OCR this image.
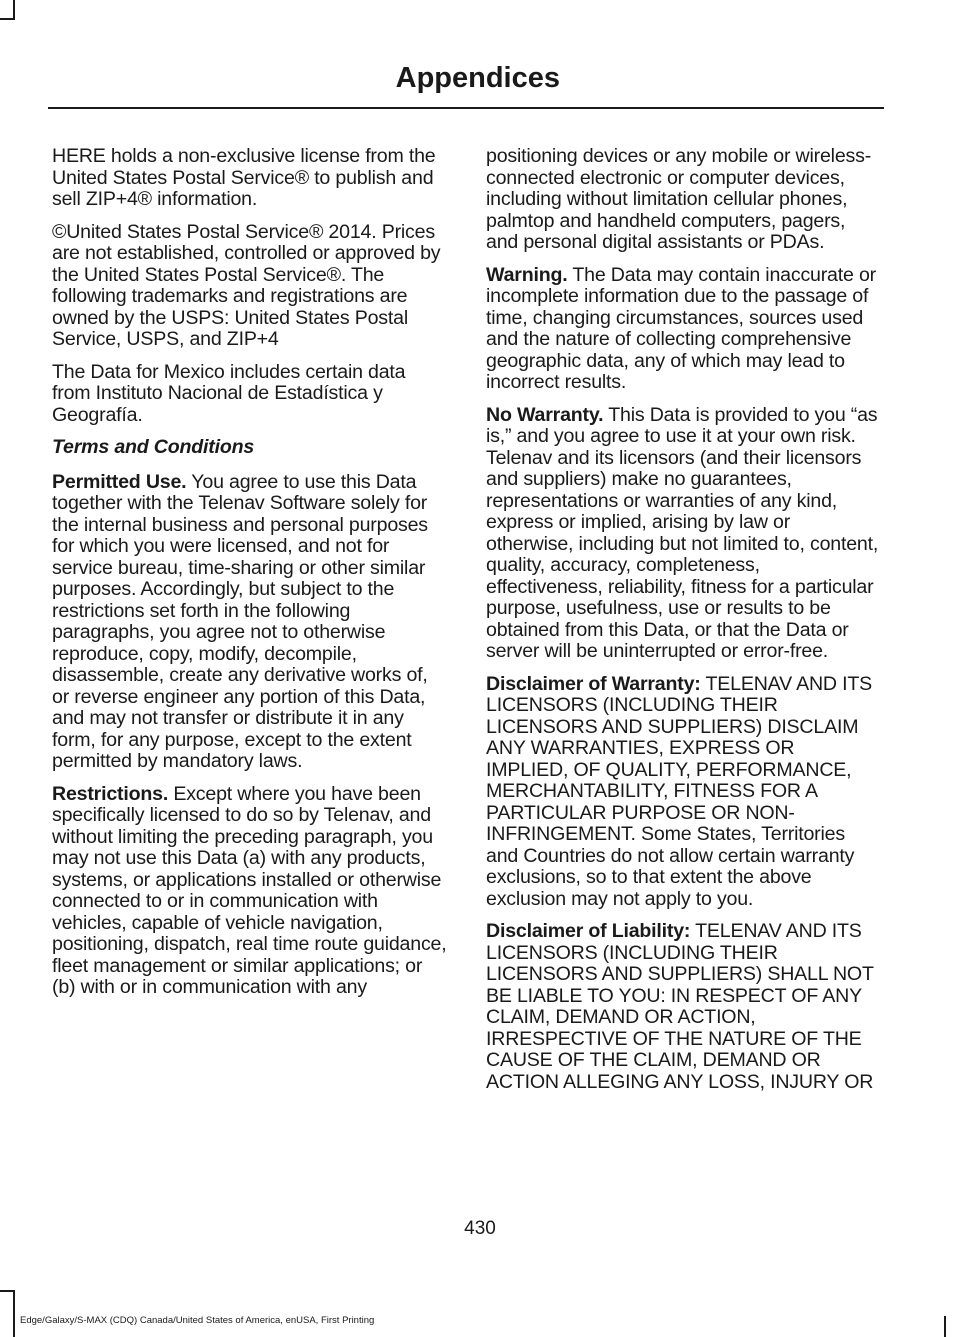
Appendices

HERE holds a non-exclusive license from the United States Postal Service® to publish and sell ZIP+4® information.

©United States Postal Service® 2014. Prices are not established, controlled or approved by the United States Postal Service®. The following trademarks and registrations are owned by the USPS: United States Postal Service, USPS, and ZIP+4

The Data for Mexico includes certain data from Instituto Nacional de Estadística y Geografía.

Terms and Conditions

Permitted Use. You agree to use this Data together with the Telenav Software solely for the internal business and personal purposes for which you were licensed, and not for service bureau, time-sharing or other similar purposes. Accordingly, but subject to the restrictions set forth in the following paragraphs, you agree not to otherwise reproduce, copy, modify, decompile, disassemble, create any derivative works of, or reverse engineer any portion of this Data, and may not transfer or distribute it in any form, for any purpose, except to the extent permitted by mandatory laws.

Restrictions. Except where you have been specifically licensed to do so by Telenav, and without limiting the preceding paragraph, you may not use this Data (a) with any products, systems, or applications installed or otherwise connected to or in communication with vehicles, capable of vehicle navigation, positioning, dispatch, real time route guidance, fleet management or similar applications; or (b) with or in communication with any

positioning devices or any mobile or wireless-connected electronic or computer devices, including without limitation cellular phones, palmtop and handheld computers, pagers, and personal digital assistants or PDAs.

Warning. The Data may contain inaccurate or incomplete information due to the passage of time, changing circumstances, sources used and the nature of collecting comprehensive geographic data, any of which may lead to incorrect results.

No Warranty. This Data is provided to you “as is,” and you agree to use it at your own risk. Telenav and its licensors (and their licensors and suppliers) make no guarantees, representations or warranties of any kind, express or implied, arising by law or otherwise, including but not limited to, content, quality, accuracy, completeness, effectiveness, reliability, fitness for a particular purpose, usefulness, use or results to be obtained from this Data, or that the Data or server will be uninterrupted or error-free.

Disclaimer of Warranty: TELENAV AND ITS LICENSORS (INCLUDING THEIR LICENSORS AND SUPPLIERS) DISCLAIM ANY WARRANTIES, EXPRESS OR IMPLIED, OF QUALITY, PERFORMANCE, MERCHANTABILITY, FITNESS FOR A PARTICULAR PURPOSE OR NON-INFRINGEMENT. Some States, Territories and Countries do not allow certain warranty exclusions, so to that extent the above exclusion may not apply to you.

Disclaimer of Liability: TELENAV AND ITS LICENSORS (INCLUDING THEIR LICENSORS AND SUPPLIERS) SHALL NOT BE LIABLE TO YOU: IN RESPECT OF ANY CLAIM, DEMAND OR ACTION, IRRESPECTIVE OF THE NATURE OF THE CAUSE OF THE CLAIM, DEMAND OR ACTION ALLEGING ANY LOSS, INJURY OR

430
Edge/Galaxy/S-MAX (CDQ) Canada/United States of America, enUSA, First Printing
